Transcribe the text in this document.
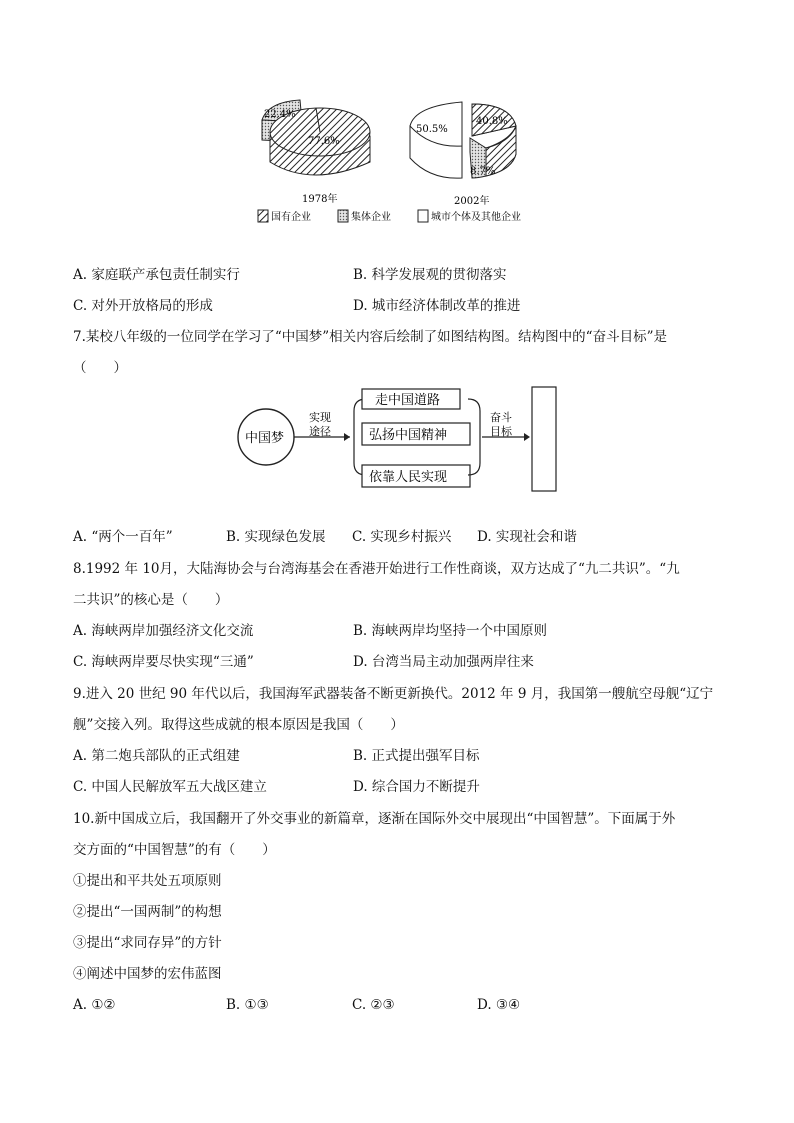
22.4%
77.6%
1978年
50.5%
40.8%
8.7%
2002年
国有企业	集体企业	城市个体及其他企业
A. 家庭联产承包责任制实行	B. 科学发展观的贯彻落实
C. 对外开放格局的形成	D. 城市经济体制改革的推进
7.某校八年级的一位同学在学习了“中国梦”相关内容后绘制了如图结构图。结构图中的“奋斗目标”是
（　　）
中国梦
实现
途径
走中国道路
弘扬中国精神
依靠人民实现
奋斗
目标
A. “两个一百年”	B. 实现绿色发展 C. 实现乡村振兴 D. 实现社会和谐
8.1992 年 10月，大陆海协会与台湾海基会在香港开始进行工作性商谈，双方达成了“九二共识”。“九
二共识”的核心是（　　）
A. 海峡两岸加强经济文化交流	B. 海峡两岸均坚持一个中国原则
C. 海峡两岸要尽快实现“三通”	D. 台湾当局主动加强两岸往来
9.进入 20 世纪 90 年代以后，我国海军武器装备不断更新换代。2012 年 9 月，我国第一艘航空母舰“辽宁
舰”交接入列。取得这些成就的根本原因是我国（　　）
A. 第二炮兵部队的正式组建	B. 正式提出强军目标
C. 中国人民解放军五大战区建立	D. 综合国力不断提升
10.新中国成立后，我国翻开了外交事业的新篇章，逐渐在国际外交中展现出“中国智慧”。下面属于外
交方面的“中国智慧”的有（　　）
①提出和平共处五项原则
②提出“一国两制”的构想
③提出“求同存异”的方针
④阐述中国梦的宏伟蓝图
A. ①②	B. ①③	C. ②③	D. ③④
